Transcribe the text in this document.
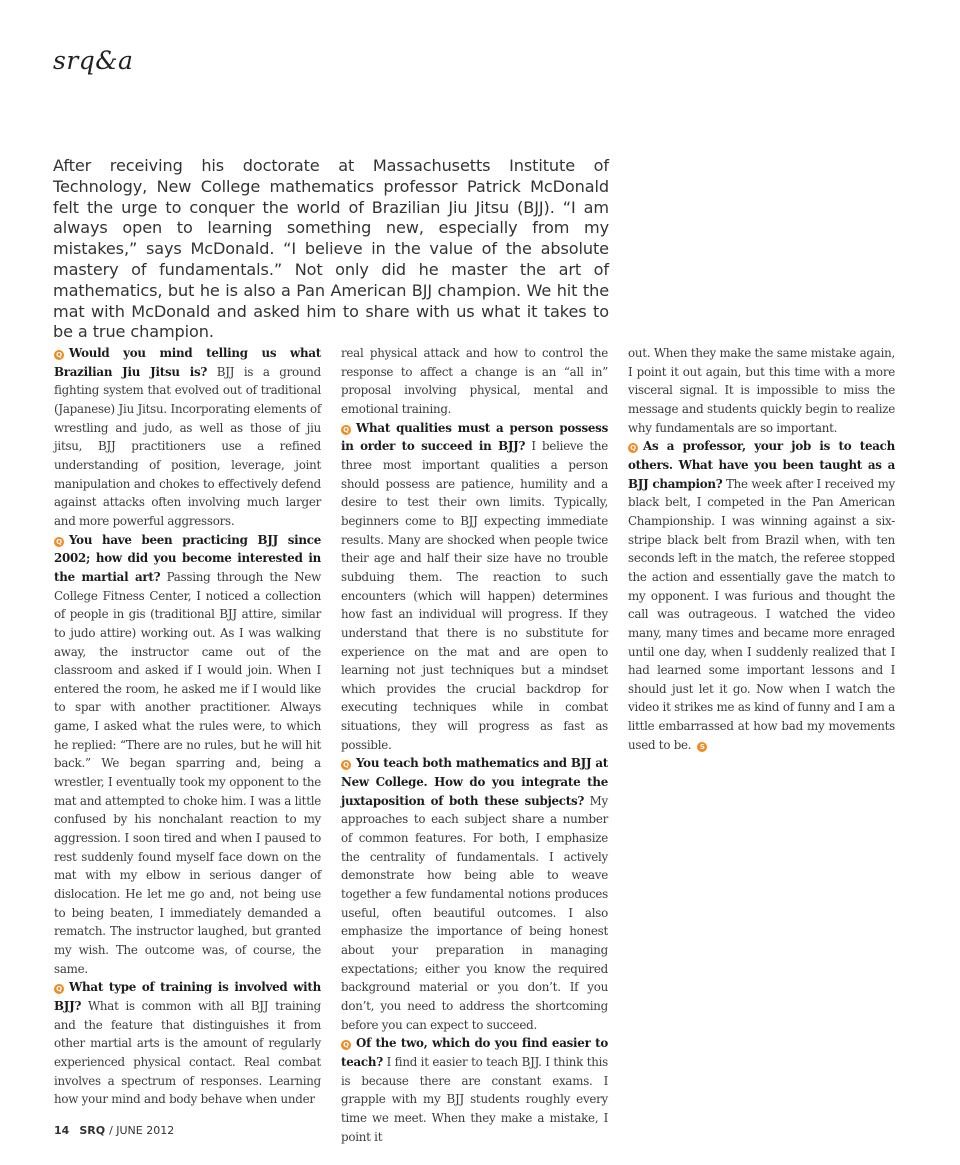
srq&a
After receiving his doctorate at Massachusetts Institute of Technology, New College mathematics professor Patrick McDonald felt the urge to conquer the world of Brazilian Jiu Jitsu (BJJ). “I am always open to learning something new, especially from my mistakes,” says McDonald. “I believe in the value of the absolute mastery of fundamentals.” Not only did he master the art of mathematics, but he is also a Pan American BJJ champion. We hit the mat with McDonald and asked him to share with us what it takes to be a true champion.

Q Would you mind telling us what Brazilian Jiu Jitsu is? BJJ is a ground fighting system that evolved out of traditional (Japanese) Jiu Jitsu. Incorporating elements of wrestling and judo, as well as those of jiu jitsu, BJJ practitioners use a refined understanding of position, leverage, joint manipulation and chokes to effectively defend against attacks often involving much larger and more powerful aggressors.

Q You have been practicing BJJ since 2002; how did you become interested in the martial art? Passing through the New College Fitness Center, I noticed a collection of people in gis (traditional BJJ attire, similar to judo attire) working out. As I was walking away, the instructor came out of the classroom and asked if I would join. When I entered the room, he asked me if I would like to spar with another practitioner. Always game, I asked what the rules were, to which he replied: “There are no rules, but he will hit back.” We began sparring and, being a wrestler, I eventually took my opponent to the mat and attempted to choke him. I was a little confused by his nonchalant reaction to my aggression. I soon tired and when I paused to rest suddenly found myself face down on the mat with my elbow in serious danger of dislocation. He let me go and, not being use to being beaten, I immediately demanded a rematch. The instructor laughed, but granted my wish. The outcome was, of course, the same.

Q What type of training is involved with BJJ? What is common with all BJJ training and the feature that distinguishes it from other martial arts is the amount of regularly experienced physical contact. Real combat involves a spectrum of responses. Learning how your mind and body behave when under

real physical attack and how to control the response to affect a change is an “all in” proposal involving physical, mental and emotional training.

Q What qualities must a person possess in order to succeed in BJJ? I believe the three most important qualities a person should possess are patience, humility and a desire to test their own limits. Typically, beginners come to BJJ expecting immediate results. Many are shocked when people twice their age and half their size have no trouble subduing them. The reaction to such encounters (which will happen) determines how fast an individual will progress. If they understand that there is no substitute for experience on the mat and are open to learning not just techniques but a mindset which provides the crucial backdrop for executing techniques while in combat situations, they will progress as fast as possible.

Q You teach both mathematics and BJJ at New College. How do you integrate the juxtaposition of both these subjects? My approaches to each subject share a number of common features. For both, I emphasize the centrality of fundamentals. I actively demonstrate how being able to weave together a few fundamental notions produces useful, often beautiful outcomes. I also emphasize the importance of being honest about your preparation in managing expectations; either you know the required background material or you don’t. If you don’t, you need to address the shortcoming before you can expect to succeed.

Q Of the two, which do you find easier to teach? I find it easier to teach BJJ. I think this is because there are constant exams. I grapple with my BJJ students roughly every time we meet. When they make a mistake, I point it

out. When they make the same mistake again, I point it out again, but this time with a more visceral signal. It is impossible to miss the message and students quickly begin to realize why fundamentals are so important.

Q As a professor, your job is to teach others. What have you been taught as a BJJ champion? The week after I received my black belt, I competed in the Pan American Championship. I was winning against a six-stripe black belt from Brazil when, with ten seconds left in the match, the referee stopped the action and essentially gave the match to my opponent. I was furious and thought the call was outrageous. I watched the video many, many times and became more enraged until one day, when I suddenly realized that I had learned some important lessons and I should just let it go. Now when I watch the video it strikes me as kind of funny and I am a little embarrassed at how bad my movements used to be. S

14 SRQ / JUNE 2012
